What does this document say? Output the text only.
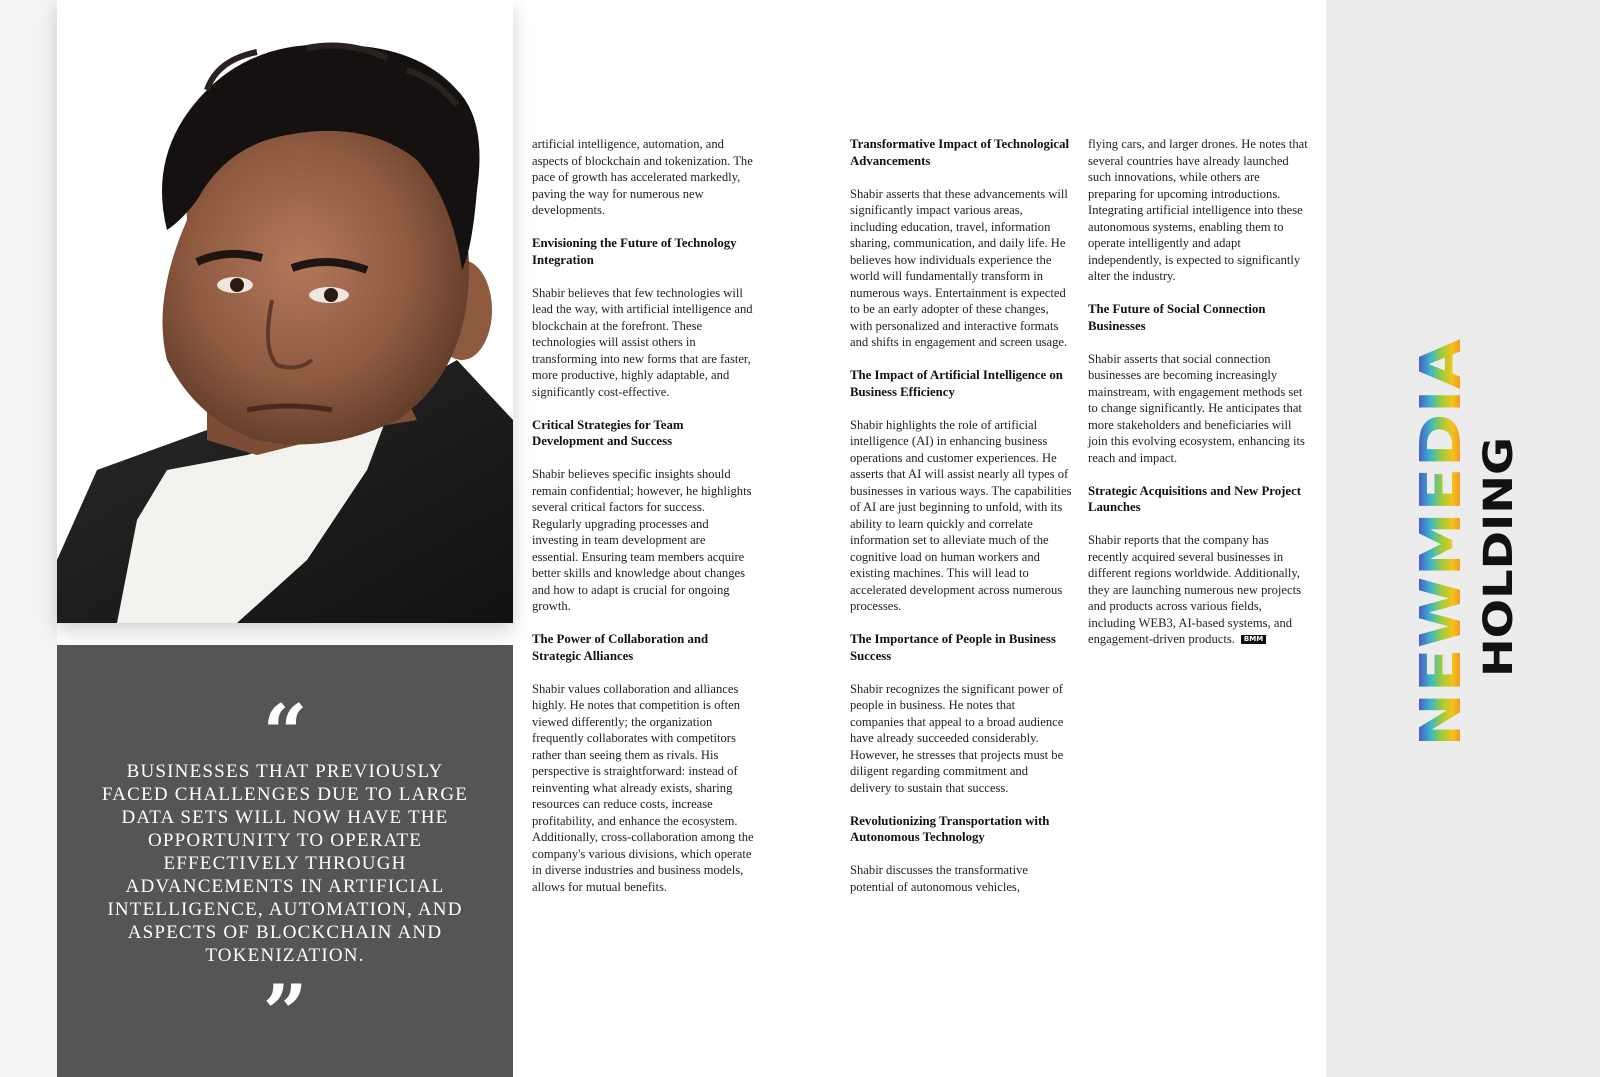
“
BUSINESSES THAT PREVIOUSLY FACED CHALLENGES DUE TO LARGE DATA SETS WILL NOW HAVE THE OPPORTUNITY TO OPERATE EFFECTIVELY THROUGH ADVANCEMENTS IN ARTIFICIAL INTELLIGENCE, AUTOMATION, AND ASPECTS OF BLOCKCHAIN AND TOKENIZATION.
”

artificial intelligence, automation, and aspects of blockchain and tokenization. The pace of growth has accelerated markedly, paving the way for numerous new developments.

Envisioning the Future of Technology Integration

Shabir believes that few technologies will lead the way, with artificial intelligence and blockchain at the forefront. These technologies will assist others in transforming into new forms that are faster, more productive, highly adaptable, and significantly cost-effective.

Critical Strategies for Team Development and Success

Shabir believes specific insights should remain confidential; however, he highlights several critical factors for success. Regularly upgrading processes and investing in team development are essential. Ensuring team members acquire better skills and knowledge about changes and how to adapt is crucial for ongoing growth.

The Power of Collaboration and Strategic Alliances

Shabir values collaboration and alliances highly. He notes that competition is often viewed differently; the organization frequently collaborates with competitors rather than seeing them as rivals. His perspective is straightforward: instead of reinventing what already exists, sharing resources can reduce costs, increase profitability, and enhance the ecosystem. Additionally, cross-collaboration among the company's various divisions, which operate in diverse industries and business models, allows for mutual benefits.

Transformative Impact of Technological Advancements

Shabir asserts that these advancements will significantly impact various areas, including education, travel, information sharing, communication, and daily life. He believes how individuals experience the world will fundamentally transform in numerous ways. Entertainment is expected to be an early adopter of these changes, with personalized and interactive formats and shifts in engagement and screen usage.

The Impact of Artificial Intelligence on Business Efficiency

Shabir highlights the role of artificial intelligence (AI) in enhancing business operations and customer experiences. He asserts that AI will assist nearly all types of businesses in various ways. The capabilities of AI are just beginning to unfold, with its ability to learn quickly and correlate information set to alleviate much of the cognitive load on human workers and existing machines. This will lead to accelerated development across numerous processes.

The Importance of People in Business Success

Shabir recognizes the significant power of people in business. He notes that companies that appeal to a broad audience have already succeeded considerably. However, he stresses that projects must be diligent regarding commitment and delivery to sustain that success.

Revolutionizing Transportation with Autonomous Technology

Shabir discusses the transformative potential of autonomous vehicles,

flying cars, and larger drones. He notes that several countries have already launched such innovations, while others are preparing for upcoming introductions. Integrating artificial intelligence into these autonomous systems, enabling them to operate intelligently and adapt independently, is expected to significantly alter the industry.

The Future of Social Connection Businesses

Shabir asserts that social connection businesses are becoming increasingly mainstream, with engagement methods set to change significantly. He anticipates that more stakeholders and beneficiaries will join this evolving ecosystem, enhancing its reach and impact.

Strategic Acquisitions and New Project Launches

Shabir reports that the company has recently acquired several businesses in different regions worldwide. Additionally, they are launching numerous new projects and products across various fields, including WEB3, AI-based systems, and engagement-driven products. BMM	NEWMEDIA HOLDING
